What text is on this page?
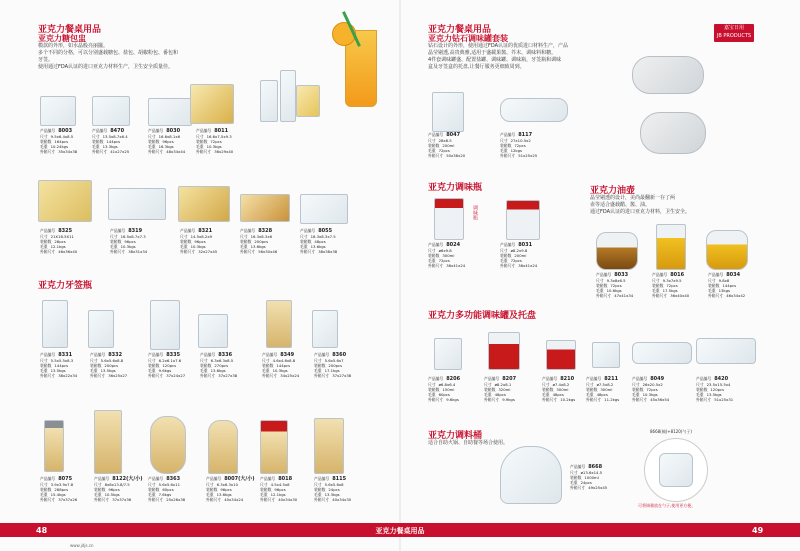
亚克力餐桌用品
亚克力糖包盅
模款的外形，如水晶般亮丽擺。
多个不同的分格，可以分别盛载糖包、盐包、胡椒粉包、番包和
牙签。
使用通过FDA认证的进口亚克力材料生产，卫生安全质量佳。
产品编号 8003
尺寸 9.5x6.4x8.5
装箱数 164pcs
毛重 10.24kgs
外箱尺寸 35x34x38
产品编号 8470
尺寸 13.5x8.7x6.4
装箱数 144pcs
毛重 13.3kgs
外箱尺寸 41x27x25
产品编号 8030
尺寸 16.6x8.1x6
装箱数 96pcs
毛重 16.3kgs
外箱尺寸 48x34x44
产品编号 8011
尺寸 16.6x7.5x9.3
装箱数 72pcs
毛重 10.3kgs
外箱尺寸 36x29x40
产品编号 8325
尺寸 21X18.5X11
装箱数 28pcs
毛重 12.1kgs
外箱尺寸 46x36x40
产品编号 8319
尺寸 16.5x8.7x7.3
装箱数 96pcs
毛重 10.3kgs
外箱尺寸 38x31x34
产品编号 8321
尺寸 14.5x8.2x9
装箱数 96pcs
毛重 10.3kgs
外箱尺寸 32x27x45
产品编号 8328
尺寸 16.3x8.3x6
装箱数 200pcs
毛重 13.6kgs
外箱尺寸 56x30x46
产品编号 8055
尺寸 18.3x8.3x7.5
装箱数 48pcs
毛重 13.6kgs
外箱尺寸 38x38x38
亚克力牙签瓶
产品编号 8331
尺寸 5.5x5.5x8.3
装箱数 144pcs
毛重 13.5kgs
外箱尺寸 38x22x34
产品编号 8332
尺寸 5.6x5.6x8.8
装箱数 200pcs
毛重 13.5kgs
外箱尺寸 36x25x27
产品编号 8335
尺寸 6.2x6.1x7.6
装箱数 120pcs
毛重 9.6kgs
外箱尺寸 37x24x27
产品编号 8336
尺寸 6.3x6.3x8.5
装箱数 270pcs
毛重 13.6kgs
外箱尺寸 37x27x38
产品编号 8349
尺寸 4.6x4.6x8.8
装箱数 144pcs
毛重 10.3kgs
外箱尺寸 34x25x24
产品编号 8360
尺寸 5.6x5.6x7
装箱数 200pcs
毛重 17.1kgs
外箱尺寸 37x27x38
产品编号 8075
尺寸 3.9x3.9x7.8
装箱数 288pcs
毛重 15.4kgs
外箱尺寸 37x37x26
产品编号 8122(大/小)
尺寸 8x8x13.8/7.5
装箱数 96pcs
毛重 10.5kgs
外箱尺寸 37x37x36
产品编号 8363
尺寸 5.6x5.6x11
装箱数 60pcs
毛重 7.6kgs
外箱尺寸 25x26x38
产品编号 8007(大/小)
尺寸 6.3x6.3x10
装箱数 96pcs
毛重 13.6kgs
外箱尺寸 40x34x24
产品编号 8018
尺寸 4.5x4.5x8
装箱数 96pcs
毛重 12.1kgs
外箱尺寸 40x34x30
产品编号 8115
尺寸 5.6x5.6x8
装箱数 24pcs
毛重 13.3kgs
外箱尺寸 40x34x30
www.jdjs.cn
亚克力餐桌用品
亚克力钻石调味罐套装
钻石设计的外形，使用通过FDA认证的优质进口材料生产，产品
晶莹剔透,高贵典雅,适用于盛載果酱、芥末、调味料和糖。
4件套调味罐盛、配置盐罐、调味罐、调味瓶，牙签瓶和调味
盒及牙签盒的托盘,让餐厅服务更细致周到。
嘉宝日用
JB PRODUCTS
产品编号 8047
尺寸 28x8.5
装箱数 200ml
毛重 72pcs
外箱尺寸 50x38x20
产品编号 8117
尺寸 27x10.5x2
装箱数 72pcs
毛重 12kgs
外箱尺寸 51x25x25
亚克力调味瓶
调味瓶
产品编号 8024
尺寸 ø6x9.8
装箱数 300ml
毛重 72pcs
外箱尺寸 36x41x24
产品编号 8031
尺寸 ø8.2x9.8
装箱数 200ml
毛重 72pcs
外箱尺寸 36x41x24
亚克力油壶
晶莹剔透的设计，美尚最翻新一存了两
壶等适合盛载醋、酱、油。
通过FDA认证的进口亚克力材料，卫生安全。
产品编号 8033
尺寸 9.3x8x6.5
装箱数 72pcs
毛重 10.6kgs
外箱尺寸 47x41x34
产品编号 8016
尺寸 9.3x7x9.5
装箱数 72pcs
毛重 17.5kgs
外箱尺寸 36x40x40
产品编号 8034
尺寸 9.8x8
装箱数 144pcs
毛重 13kgs
外箱尺寸 46x34x42
亚克力多功能调味罐及托盘
产品编号 8206
尺寸 ø6.8x6.4
装箱数 150ml
毛重 60pcs
外箱尺寸 9.6kgs
产品编号 8207
尺寸 ø8.2x8.1
装箱数 320ml
毛重 48pcs
外箱尺寸 9.9kgs
产品编号 8210
尺寸 ø7.4x8.2
装箱数 300ml
毛重 48pcs
外箱尺寸 10.2kgs
产品编号 8211
尺寸 ø7.5x8.2
装箱数 300ml
毛重 48pcs
外箱尺寸 11.2kgs
产品编号 8049
尺寸 26x20.5x2
装箱数 72pcs
毛重 10.3kgs
外箱尺寸 45x36x54
产品编号 8420
尺寸 23.5x15.5x4
装箱数 120pcs
毛重 13.5kgs
外箱尺寸 51x25x31
亚克力调料桶
适合自助火锅、自助餐等场合使用。
产品编号 8668
尺寸 ø13.6x14.5
装箱数 1000ml
毛重 24pcs
外箱尺寸 49x25x45
8668(桶)+8120(勺子)
可将调羹放在勺子,使用更方便。
亚克力餐桌用品
48	49
